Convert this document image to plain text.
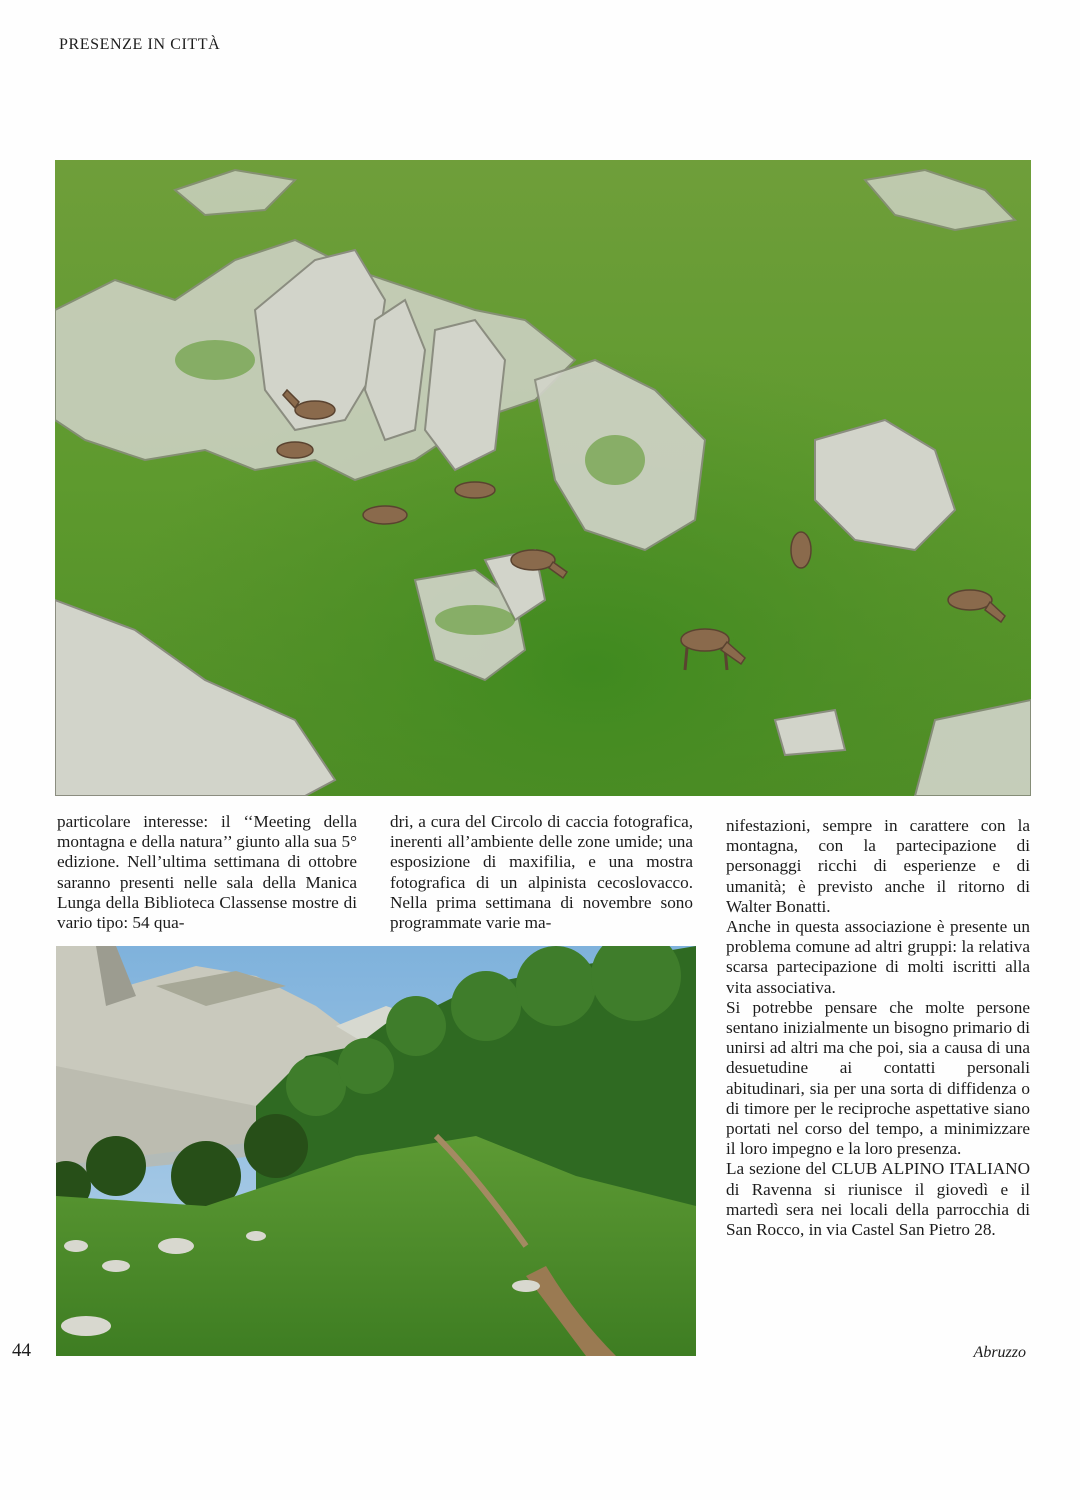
PRESENZE IN CITTÀ

particolare interesse: il ‘‘Meeting della montagna e della natura’’ giunto alla sua 5° edizione. Nell’ultima settimana di ottobre saranno presenti nelle sala della Manica Lunga della Biblioteca Classense mostre di vario tipo: 54 qua-

dri, a cura del Circolo di caccia fotografica, inerenti all’ambiente delle zone umide; una esposizione di maxifilia, e una mostra fotografica di un alpinista cecoslovacco. Nella prima settimana di novembre sono programmate varie ma-

nifestazioni, sempre in carattere con la montagna, con la partecipazione di personaggi ricchi di esperienze e di umanità; è previsto anche il ritorno di Walter Bonatti.

Anche in questa associazione è presente un problema comune ad altri gruppi: la relativa scarsa partecipazione di molti iscritti alla vita associativa.

Si potrebbe pensare che molte persone sentano inizialmente un bisogno primario di unirsi ad altri ma che poi, sia a causa di una desuetudine ai contatti personali abitudinari, sia per una sorta di diffidenza o di timore per le reciproche aspettative siano portati nel corso del tempo, a minimizzare il loro impegno e la loro presenza.

La sezione del CLUB ALPINO ITALIANO di Ravenna si riunisce il giovedì e il martedì sera nei locali della parrocchia di San Rocco, in via Castel San Pietro 28.

44	Abruzzo
